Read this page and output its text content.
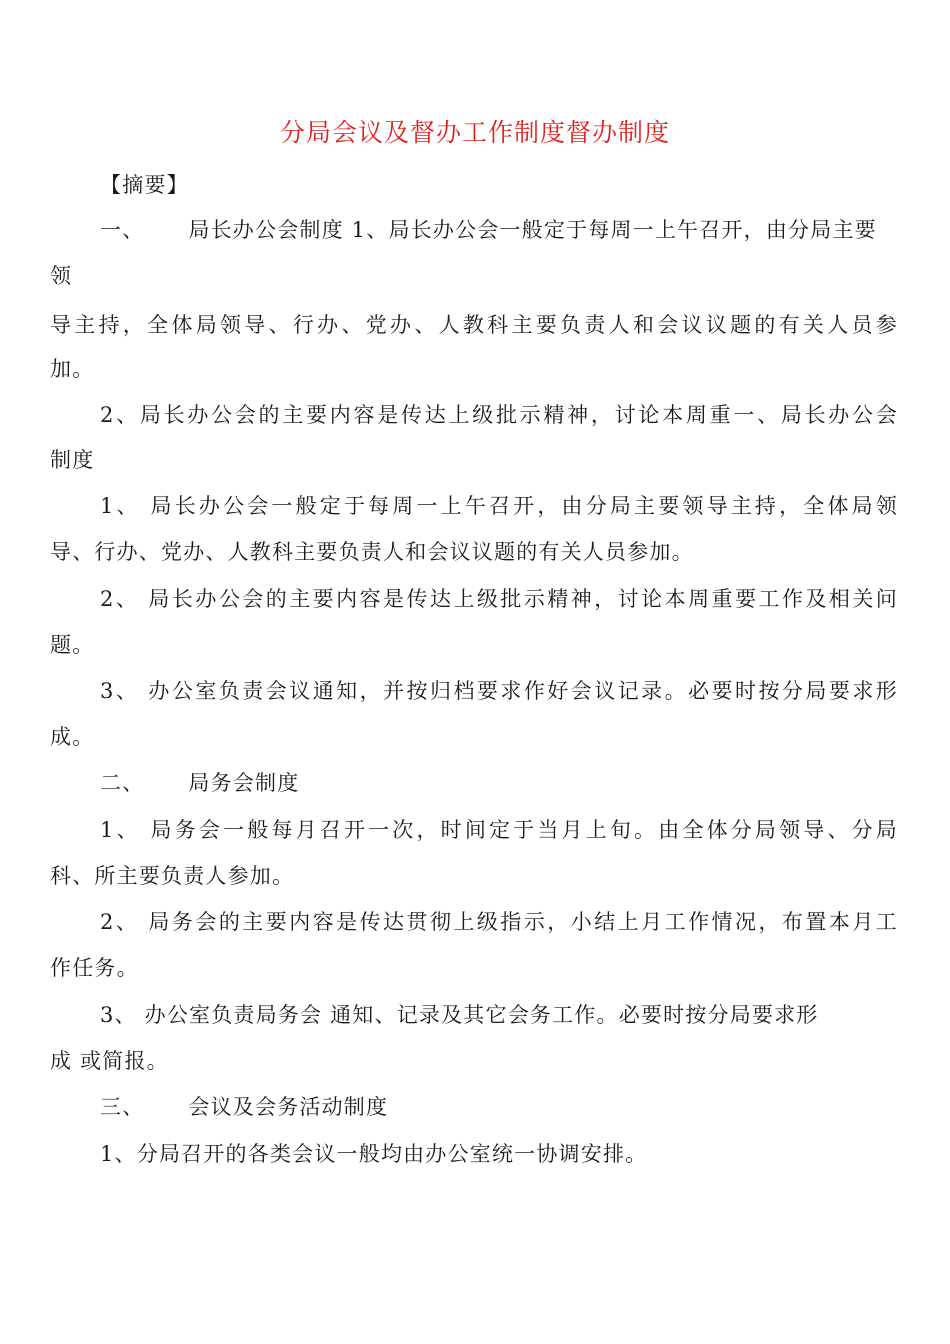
分局会议及督办工作制度督办制度
【摘要】
一、 局长办公会制度 1、局长办公会一般定于每周一上午召开，由分局主要
领
导主持，全体局领导、行办、党办、人教科主要负责人和会议议题的有关人员参
加。
2、局长办公会的主要内容是传达上级批示精神，讨论本周重一、局长办公会
制度
1、 局长办公会一般定于每周一上午召开，由分局主要领导主持，全体局领
导、行办、党办、人教科主要负责人和会议议题的有关人员参加。
2、 局长办公会的主要内容是传达上级批示精神，讨论本周重要工作及相关问
题。
3、 办公室负责会议通知，并按归档要求作好会议记录。必要时按分局要求形
成。
二、 局务会制度
1、 局务会一般每月召开一次，时间定于当月上旬。由全体分局领导、分局
科、所主要负责人参加。
2、 局务会的主要内容是传达贯彻上级指示，小结上月工作情况，布置本月工
作任务。
3、 办公室负责局务会 通知、记录及其它会务工作。必要时按分局要求形
成 或简报。
三、 会议及会务活动制度
1、分局召开的各类会议一般均由办公室统一协调安排。
